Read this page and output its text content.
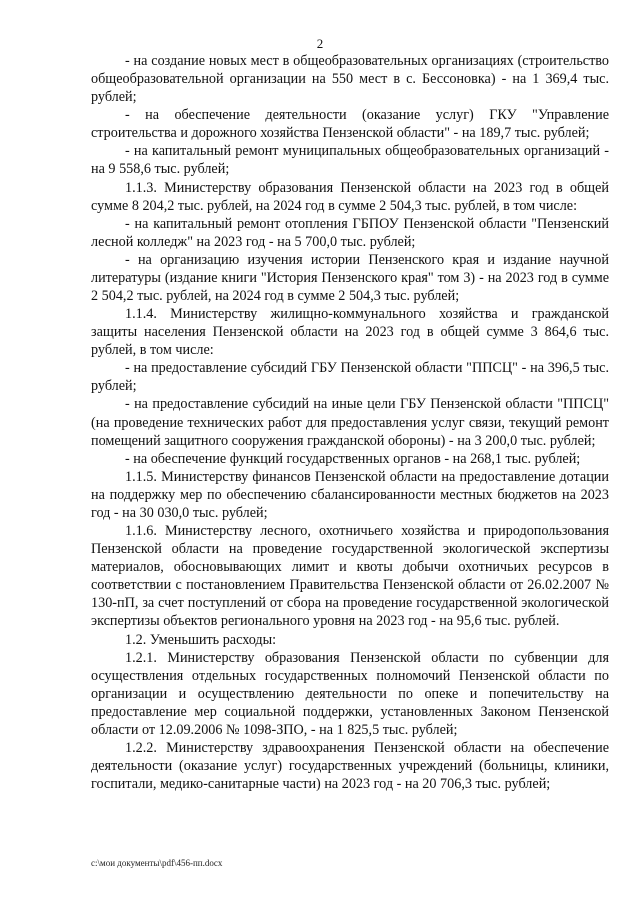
2

- на создание новых мест в общеобразовательных организациях (строительство общеобразовательной организации на 550 мест в с. Бессоновка) - на 1 369,4 тыс. рублей;

- на обеспечение деятельности (оказание услуг) ГКУ "Управление строительства и дорожного хозяйства Пензенской области" - на 189,7 тыс. рублей;

- на капитальный ремонт муниципальных общеобразовательных организаций - на 9 558,6 тыс. рублей;

1.1.3. Министерству образования Пензенской области на 2023 год в общей сумме 8 204,2 тыс. рублей, на 2024 год в сумме 2 504,3 тыс. рублей, в том числе:

- на капитальный ремонт отопления ГБПОУ Пензенской области "Пензенский лесной колледж" на 2023 год - на 5 700,0 тыс. рублей;

- на организацию изучения истории Пензенского края и издание научной литературы (издание книги "История Пензенского края" том 3) - на 2023 год в сумме 2 504,2 тыс. рублей, на 2024 год в сумме 2 504,3 тыс. рублей;

1.1.4. Министерству жилищно-коммунального хозяйства и гражданской защиты населения Пензенской области на 2023 год в общей сумме 3 864,6 тыс. рублей, в том числе:

- на предоставление субсидий ГБУ Пензенской области "ППСЦ" - на 396,5 тыс. рублей;

- на предоставление субсидий на иные цели ГБУ Пензенской области "ППСЦ" (на проведение технических работ для предоставления услуг связи, текущий ремонт помещений защитного сооружения гражданской обороны) - на 3 200,0 тыс. рублей;

- на обеспечение функций государственных органов - на 268,1 тыс. рублей;

1.1.5. Министерству финансов Пензенской области на предоставление дотации на поддержку мер по обеспечению сбалансированности местных бюджетов на 2023 год - на 30 030,0 тыс. рублей;

1.1.6. Министерству лесного, охотничьего хозяйства и природопользования Пензенской области на проведение государственной экологической экспертизы материалов, обосновывающих лимит и квоты добычи охотничьих ресурсов в соответствии с постановлением Правительства Пензенской области от 26.02.2007 № 130-пП, за счет поступлений от сбора на проведение государственной экологической экспертизы объектов регионального уровня на 2023 год - на 95,6 тыс. рублей.

1.2. Уменьшить расходы:

1.2.1. Министерству образования Пензенской области по субвенции для осуществления отдельных государственных полномочий Пензенской области по организации и осуществлению деятельности по опеке и попечительству на предоставление мер социальной поддержки, установленных Законом Пензенской области от 12.09.2006 № 1098-ЗПО, - на 1 825,5 тыс. рублей;

1.2.2. Министерству здравоохранения Пензенской области на обеспечение деятельности (оказание услуг) государственных учреждений (больницы, клиники, госпитали, медико-санитарные части) на 2023 год - на 20 706,3 тыс. рублей;

c:\мои документы\pdf\456-пп.docx
